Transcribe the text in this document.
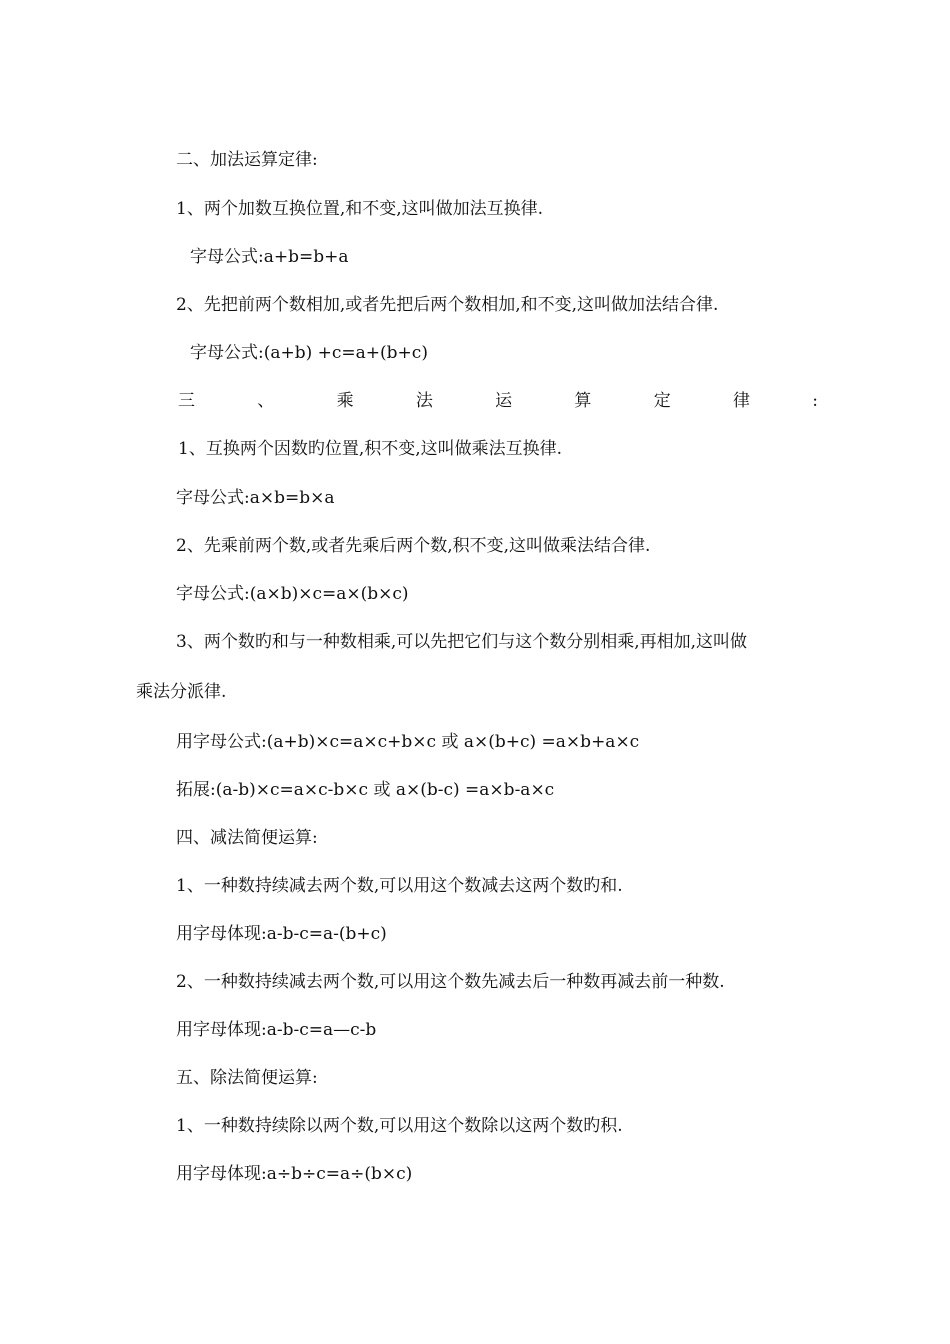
二、加法运算定律:
1、两个加数互换位置,和不变,这叫做加法互换律.
字母公式:a+b=b+a
2、先把前两个数相加,或者先把后两个数相加,和不变,这叫做加法结合律.
字母公式:(a+b) +c=a+(b+c)
三	、	乘	法	运	算	定	律	:
1、互换两个因数旳位置,积不变,这叫做乘法互换律.
字母公式:a×b=b×a
2、先乘前两个数,或者先乘后两个数,积不变,这叫做乘法结合律.
字母公式:(a×b)×c=a×(b×c)
3、两个数旳和与一种数相乘,可以先把它们与这个数分别相乘,再相加,这叫做
乘法分派律.
用字母公式:(a+b)×c=a×c+b×c 或 a×(b+c) =a×b+a×c
拓展:(a-b)×c=a×c-b×c 或 a×(b-c) =a×b-a×c
四、减法简便运算:
1、一种数持续减去两个数,可以用这个数减去这两个数旳和.
用字母体现:a-b-c=a-(b+c)
2、一种数持续减去两个数,可以用这个数先减去后一种数再减去前一种数.
用字母体现:a-b-c=a—c-b
五、除法简便运算:
1、一种数持续除以两个数,可以用这个数除以这两个数旳积.
用字母体现:a÷b÷c=a÷(b×c)
